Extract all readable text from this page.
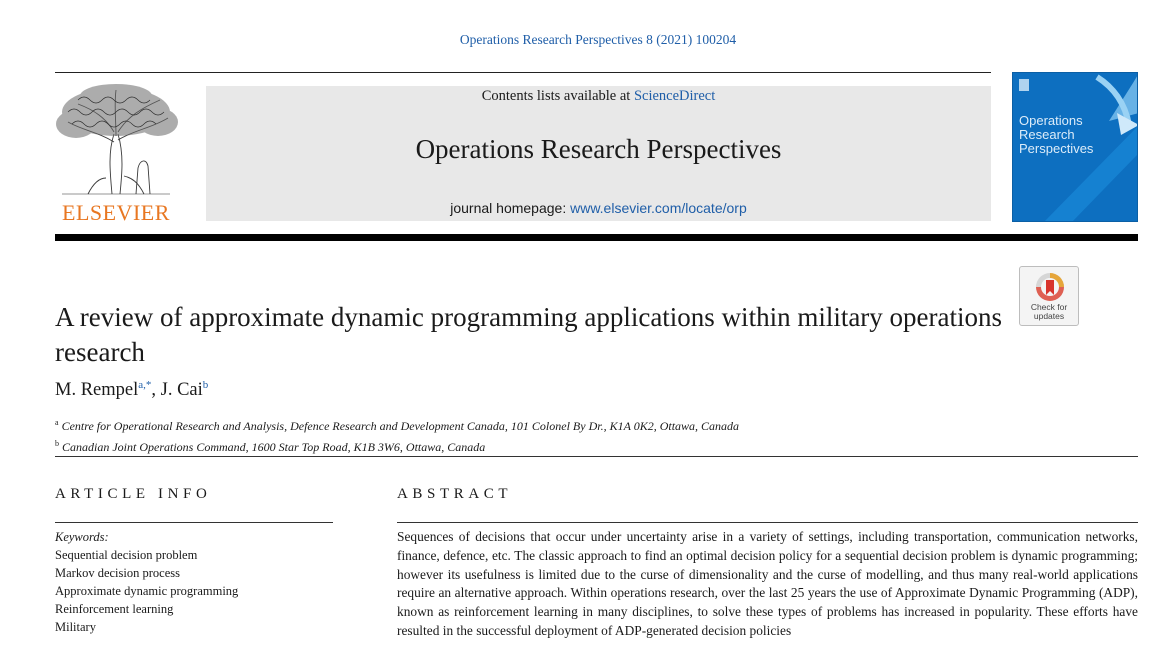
Operations Research Perspectives 8 (2021) 100204
ELSEVIER
Contents lists available at ScienceDirect
Operations Research Perspectives
journal homepage: www.elsevier.com/locate/orp
Operations Research Perspectives
Check for updates
A review of approximate dynamic programming applications within military operations research
M. Rempel$^{a,*}$, J. Cai$^b$
$^a$ Centre for Operational Research and Analysis, Defence Research and Development Canada, 101 Colonel By Dr., K1A 0K2, Ottawa, Canada
$^b$ Canadian Joint Operations Command, 1600 Star Top Road, K1B 3W6, Ottawa, Canada
ARTICLE INFO	ABSTRACT
Keywords:
Sequential decision problem
Markov decision process
Approximate dynamic programming
Reinforcement learning
Military
Sequences of decisions that occur under uncertainty arise in a variety of settings, including transportation, communication networks, finance, defence, etc. The classic approach to find an optimal decision policy for a sequential decision problem is dynamic programming; however its usefulness is limited due to the curse of dimensionality and the curse of modelling, and thus many real-world applications require an alternative approach. Within operations research, over the last 25 years the use of Approximate Dynamic Programming (ADP), known as reinforcement learning in many disciplines, to solve these types of problems has increased in popularity. These efforts have resulted in the successful deployment of ADP-generated decision policies
